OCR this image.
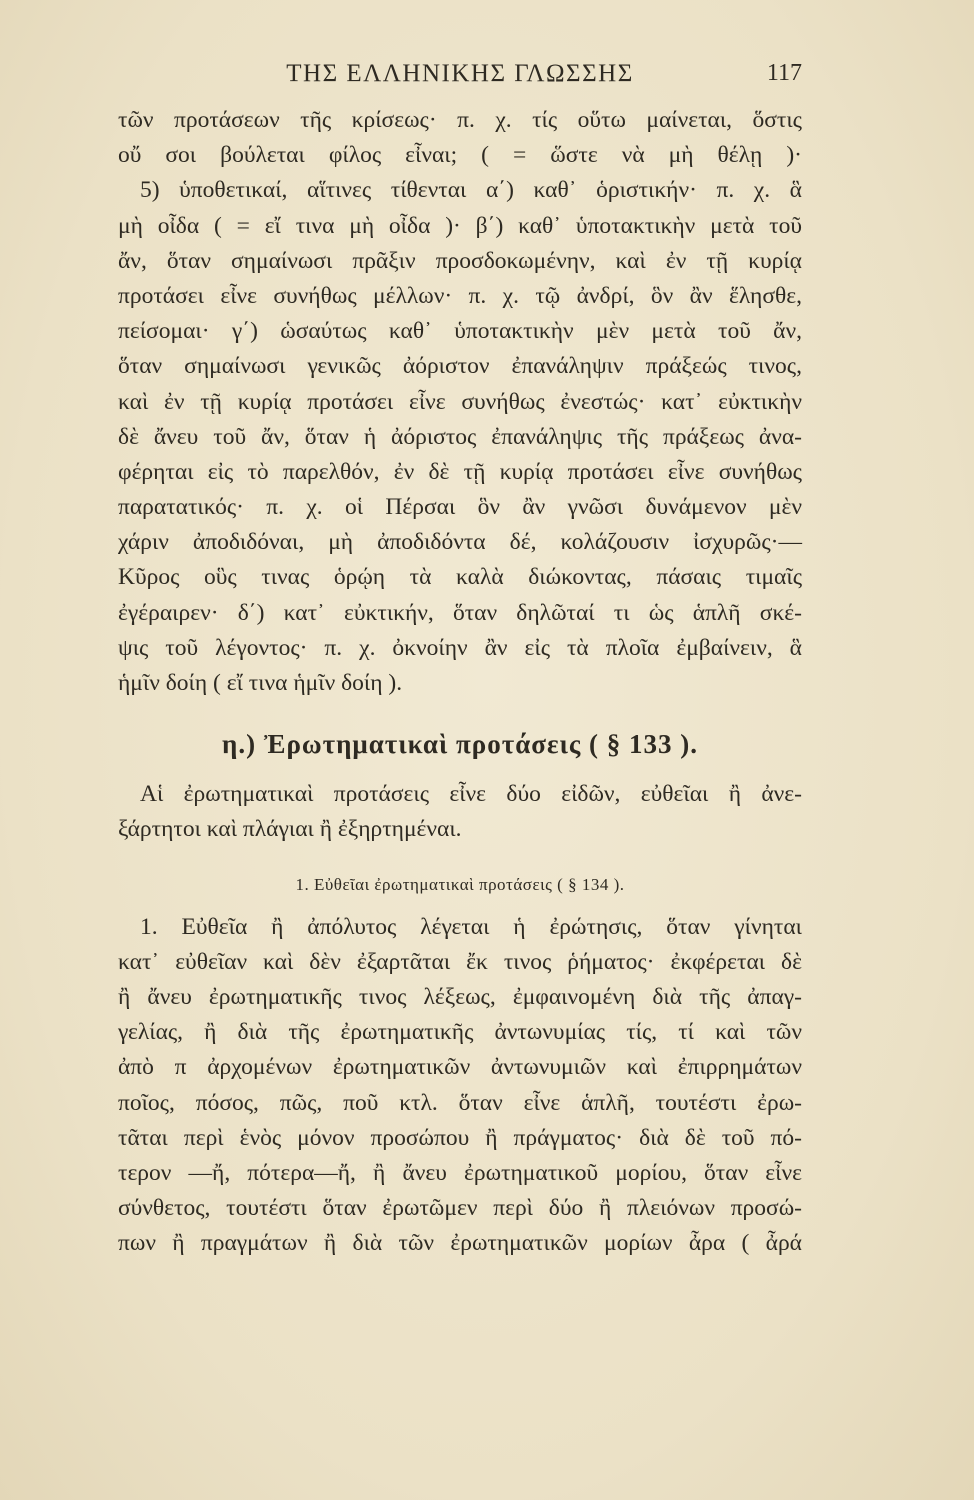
ΤΗΣ ΕΛΛΗΝΙΚΗΣ ΓΛΩΣΣΗΣ	117
τῶν προτάσεων τῆς κρίσεως· π. χ. τίς οὕτω μαίνεται, ὅστις
οὔ σοι βούλεται φίλος εἶναι; ( = ὥστε νὰ μὴ θέλῃ )·
5) ὑποθετικαί, αἵτινες τίθενται α΄) καθ᾽ ὁριστικήν· π. χ. ἃ
μὴ οἶδα ( = εἴ τινα μὴ οἶδα )· β΄) καθ᾽ ὑποτακτικὴν μετὰ τοῦ
ἄν, ὅταν σημαίνωσι πρᾶξιν προσδοκωμένην, καὶ ἐν τῇ κυρίᾳ
προτάσει εἶνε συνήθως μέλλων· π. χ. τῷ ἀνδρί, ὃν ἂν ἕλησθε,
πείσομαι· γ΄) ὡσαύτως καθ᾽ ὑποτακτικὴν μὲν μετὰ τοῦ ἄν,
ὅταν σημαίνωσι γενικῶς ἀόριστον ἐπανάληψιν πράξεώς τινος,
καὶ ἐν τῇ κυρίᾳ προτάσει εἶνε συνήθως ἐνεστώς· κατ᾽ εὐκτικὴν
δὲ ἄνευ τοῦ ἄν, ὅταν ἡ ἀόριστος ἐπανάληψις τῆς πράξεως ἀνα-
φέρηται εἰς τὸ παρελθόν, ἐν δὲ τῇ κυρίᾳ προτάσει εἶνε συνήθως
παρατατικός· π. χ. οἱ Πέρσαι ὃν ἂν γνῶσι δυνάμενον μὲν
χάριν ἀποδιδόναι, μὴ ἀποδιδόντα δέ, κολάζουσιν ἰσχυρῶς·—
Κῦρος οὓς τινας ὁρῴη τὰ καλὰ διώκοντας, πάσαις τιμαῖς
ἐγέραιρεν· δ΄) κατ᾽ εὐκτικήν, ὅταν δηλῶταί τι ὡς ἁπλῆ σκέ-
ψις τοῦ λέγοντος· π. χ. ὀκνοίην ἂν εἰς τὰ πλοῖα ἐμβαίνειν, ἃ
ἡμῖν δοίη ( εἴ τινα ἡμῖν δοίη ).
η.) Ἐρωτηματικαὶ προτάσεις ( § 133 ).
Αἱ ἐρωτηματικαὶ προτάσεις εἶνε δύο εἰδῶν, εὐθεῖαι ἢ ἀνε-
ξάρτητοι καὶ πλάγιαι ἢ ἐξηρτημέναι.
1. Εὐθεῖαι ἐρωτηματικαὶ προτάσεις ( § 134 ).
1. Εὐθεῖα ἢ ἀπόλυτος λέγεται ἡ ἐρώτησις, ὅταν γίνηται
κατ᾽ εὐθεῖαν καὶ δὲν ἐξαρτᾶται ἔκ τινος ῥήματος· ἐκφέρεται δὲ
ἢ ἄνευ ἐρωτηματικῆς τινος λέξεως, ἐμφαινομένη διὰ τῆς ἀπαγ-
γελίας, ἢ διὰ τῆς ἐρωτηματικῆς ἀντωνυμίας τίς, τί καὶ τῶν
ἀπὸ π ἀρχομένων ἐρωτηματικῶν ἀντωνυμιῶν καὶ ἐπιρρημάτων
ποῖος, πόσος, πῶς, ποῦ κτλ. ὅταν εἶνε ἁπλῆ, τουτέστι ἐρω-
τᾶται περὶ ἑνὸς μόνον προσώπου ἢ πράγματος· διὰ δὲ τοῦ πό-
τερον —ἤ, πότερα—ἤ, ἢ ἄνευ ἐρωτηματικοῦ μορίου, ὅταν εἶνε
σύνθετος, τουτέστι ὅταν ἐρωτῶμεν περὶ δύο ἢ πλειόνων προσώ-
πων ἢ πραγμάτων ἢ διὰ τῶν ἐρωτηματικῶν μορίων ἆρα ( ἆρά
